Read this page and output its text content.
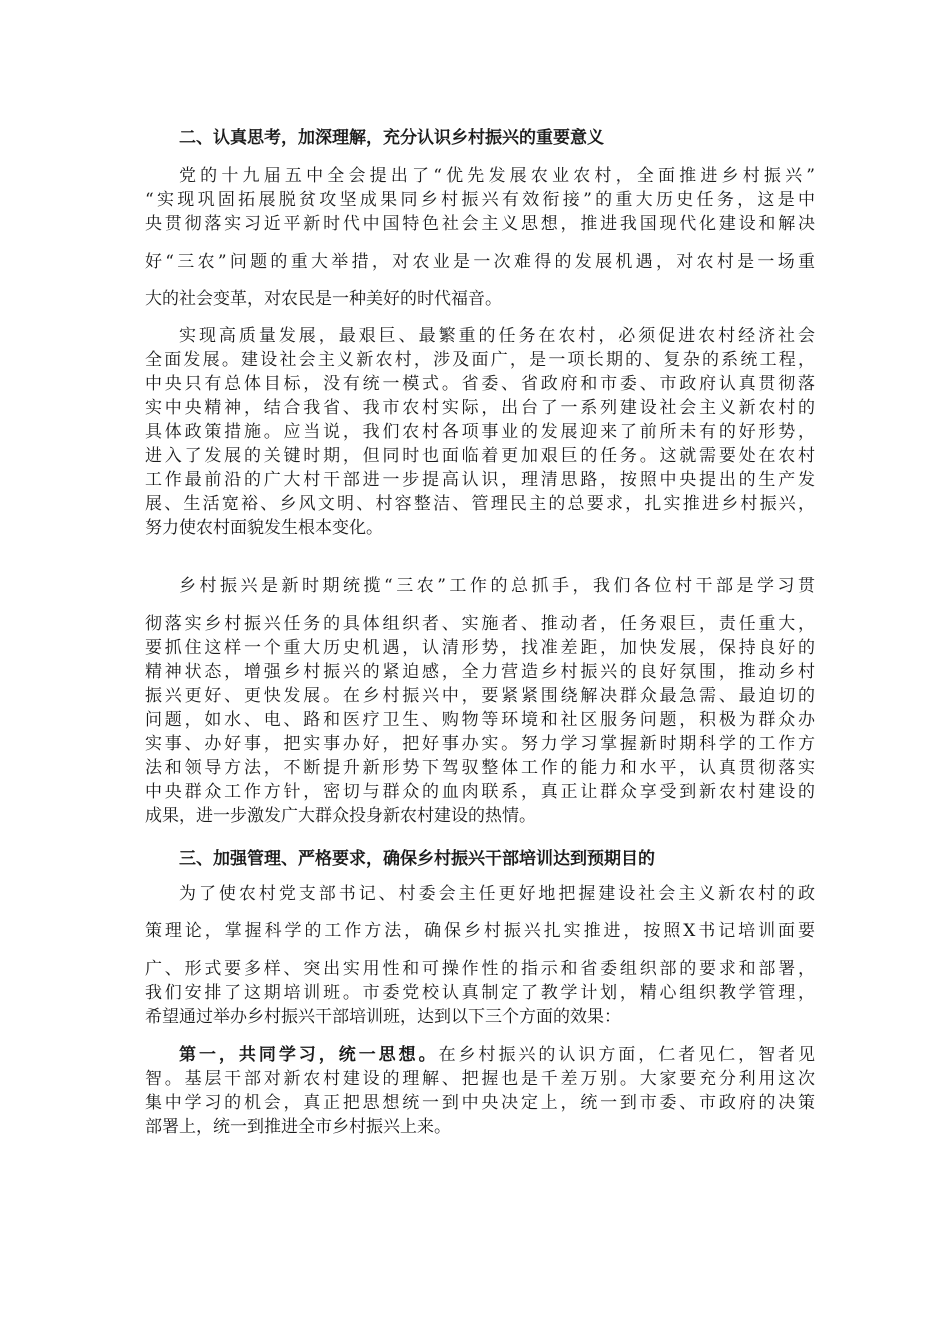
二、认真思考，加深理解，充分认识乡村振兴的重要意义
党的十九届五中全会提出了“优先发展农业农村，全面推进乡村振兴”
“实现巩固拓展脱贫攻坚成果同乡村振兴有效衔接”的重大历史任务，这是中
央贯彻落实习近平新时代中国特色社会主义思想，推进我国现代化建设和解决
好“三农”问题的重大举措，对农业是一次难得的发展机遇，对农村是一场重
大的社会变革，对农民是一种美好的时代福音。
实现高质量发展，最艰巨、最繁重的任务在农村，必须促进农村经济社会
全面发展。建设社会主义新农村，涉及面广，是一项长期的、复杂的系统工程，
中央只有总体目标，没有统一模式。省委、省政府和市委、市政府认真贯彻落
实中央精神，结合我省、我市农村实际，出台了一系列建设社会主义新农村的
具体政策措施。应当说，我们农村各项事业的发展迎来了前所未有的好形势，
进入了发展的关键时期，但同时也面临着更加艰巨的任务。这就需要处在农村
工作最前沿的广大村干部进一步提高认识，理清思路，按照中央提出的生产发
展、生活宽裕、乡风文明、村容整洁、管理民主的总要求，扎实推进乡村振兴，
努力使农村面貌发生根本变化。
乡村振兴是新时期统揽“三农”工作的总抓手，我们各位村干部是学习贯
彻落实乡村振兴任务的具体组织者、实施者、推动者，任务艰巨，责任重大，
要抓住这样一个重大历史机遇，认清形势，找准差距，加快发展，保持良好的
精神状态，增强乡村振兴的紧迫感，全力营造乡村振兴的良好氛围，推动乡村
振兴更好、更快发展。在乡村振兴中，要紧紧围绕解决群众最急需、最迫切的
问题，如水、电、路和医疗卫生、购物等环境和社区服务问题，积极为群众办
实事、办好事，把实事办好，把好事办实。努力学习掌握新时期科学的工作方
法和领导方法，不断提升新形势下驾驭整体工作的能力和水平，认真贯彻落实
中央群众工作方针，密切与群众的血肉联系，真正让群众享受到新农村建设的
成果，进一步激发广大群众投身新农村建设的热情。
三、加强管理、严格要求，确保乡村振兴干部培训达到预期目的
为了使农村党支部书记、村委会主任更好地把握建设社会主义新农村的政
策理论，掌握科学的工作方法，确保乡村振兴扎实推进，按照X书记培训面要
广、形式要多样、突出实用性和可操作性的指示和省委组织部的要求和部署，
我们安排了这期培训班。市委党校认真制定了教学计划，精心组织教学管理，
希望通过举办乡村振兴干部培训班，达到以下三个方面的效果：
第一，共同学习，统一思想。在乡村振兴的认识方面，仁者见仁，智者见
智。基层干部对新农村建设的理解、把握也是千差万别。大家要充分利用这次
集中学习的机会，真正把思想统一到中央决定上，统一到市委、市政府的决策
部署上，统一到推进全市乡村振兴上来。
